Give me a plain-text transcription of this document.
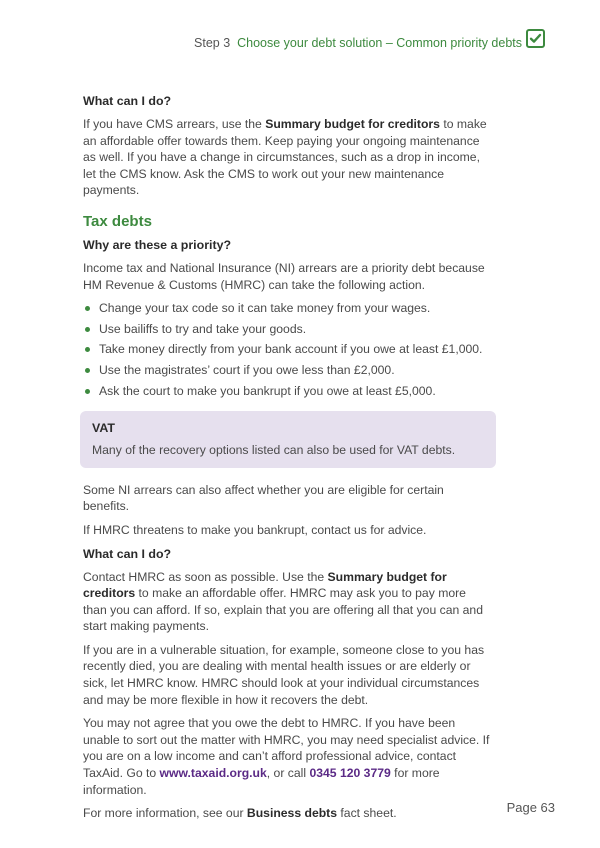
Step 3 Choose your debt solution – Common priority debts
What can I do?

If you have CMS arrears, use the Summary budget for creditors to make an affordable offer towards them. Keep paying your ongoing maintenance as well. If you have a change in circumstances, such as a drop in income, let the CMS know. Ask the CMS to work out your new maintenance payments.

Tax debts
Why are these a priority?

Income tax and National Insurance (NI) arrears are a priority debt because HM Revenue & Customs (HMRC) can take the following action.

Change your tax code so it can take money from your wages.
Use bailiffs to try and take your goods.
Take money directly from your bank account if you owe at least £1,000.
Use the magistrates’ court if you owe less than £2,000.
Ask the court to make you bankrupt if you owe at least £5,000.
VAT

Many of the recovery options listed can also be used for VAT debts.

Some NI arrears can also affect whether you are eligible for certain benefits.

If HMRC threatens to make you bankrupt, contact us for advice.

What can I do?

Contact HMRC as soon as possible. Use the Summary budget for creditors to make an affordable offer. HMRC may ask you to pay more than you can afford. If so, explain that you are offering all that you can and start making payments.

If you are in a vulnerable situation, for example, someone close to you has recently died, you are dealing with mental health issues or are elderly or sick, let HMRC know. HMRC should look at your individual circumstances and may be more flexible in how it recovers the debt.

You may not agree that you owe the debt to HMRC. If you have been unable to sort out the matter with HMRC, you may need specialist advice. If you are on a low income and can’t afford professional advice, contact TaxAid. Go to www.taxaid.org.uk, or call 0345 120 3779 for more information.

For more information, see our Business debts fact sheet.	Page 63
